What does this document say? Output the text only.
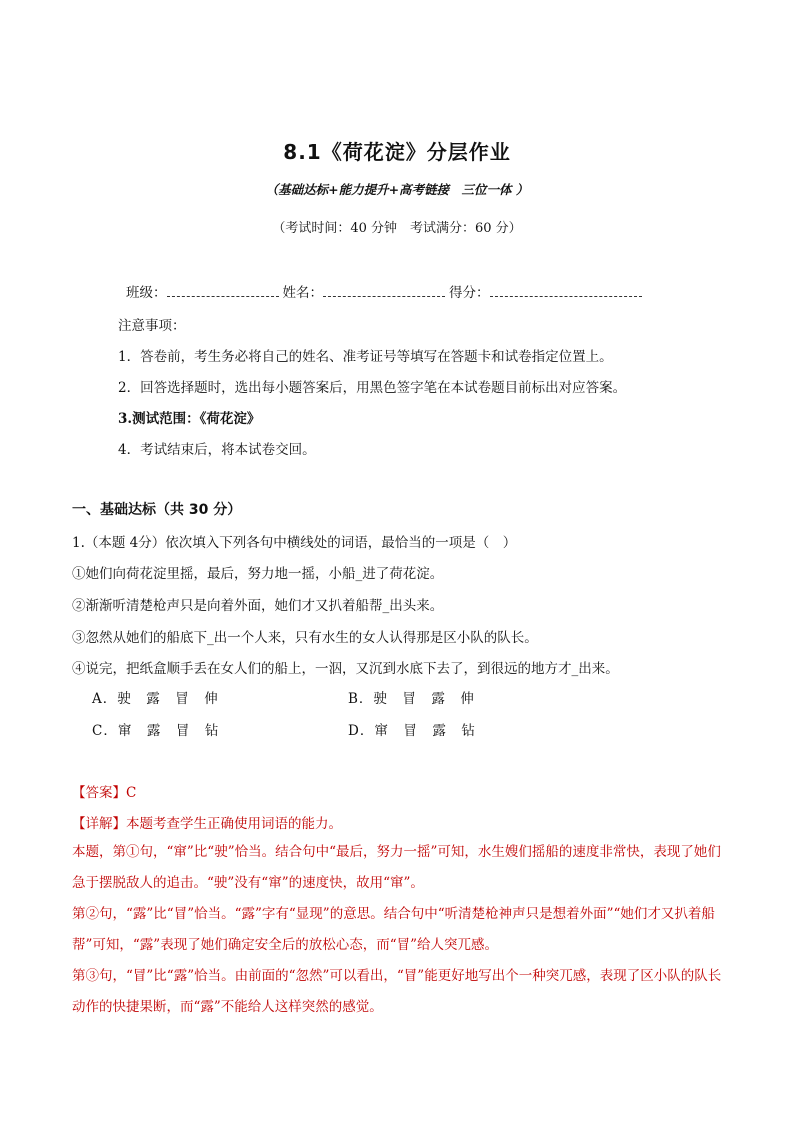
8.1《荷花淀》分层作业
（基础达标+能力提升+高考链接　三位一体 ）
（考试时间：40 分钟　考试满分：60 分）
班级：	姓名：	得分：
注意事项：
1．答卷前，考生务必将自己的姓名、准考证号等填写在答题卡和试卷指定位置上。
2．回答选择题时，选出每小题答案后，用黑色签字笔在本试卷题目前标出对应答案。
3.测试范围：《荷花淀》
4．考试结束后，将本试卷交回。
一、基础达标（共 30 分）
1.（本题 4分）依次填入下列各句中横线处的词语，最恰当的一项是（　）
①她们向荷花淀里摇，最后，努力地一摇，小船_进了荷花淀。
②渐渐听清楚枪声只是向着外面，她们才又扒着船帮_出头来。
③忽然从她们的船底下_出一个人来，只有水生的女人认得那是区小队的队长。
④说完，把纸盒顺手丢在女人们的船上，一泅，又沉到水底下去了，到很远的地方才_出来。
A．驶　露　冒　伸	B．驶　冒　露　伸
C．窜　露　冒　钻	D．窜　冒　露　钻
【答案】C
【详解】本题考查学生正确使用词语的能力。
本题，第①句，“窜”比“驶”恰当。结合句中“最后，努力一摇”可知，水生嫂们摇船的速度非常快，表现了她们急于摆脱敌人的追击。“驶”没有“窜”的速度快，故用“窜”。
第②句，“露”比“冒”恰当。“露”字有“显现”的意思。结合句中“听清楚枪神声只是想着外面”“她们才又扒着船帮”可知，“露”表现了她们确定安全后的放松心态，而“冒”给人突兀感。
第③句，“冒”比“露”恰当。由前面的“忽然”可以看出，“冒”能更好地写出个一种突兀感，表现了区小队的队长动作的快捷果断，而“露”不能给人这样突然的感觉。
